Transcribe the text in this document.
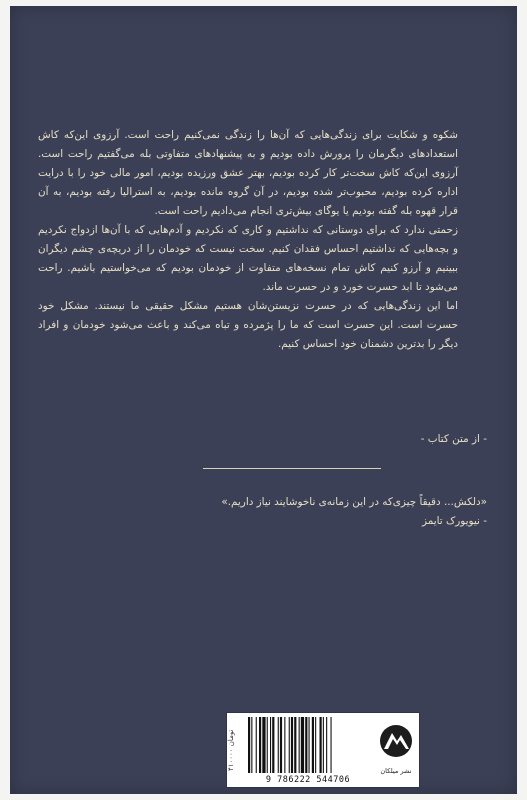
شکوه و شکایت برای زندگی‌هایی که آن‌ها را زندگی نمی‌کنیم راحت است. آرزوی این‌که کاش استعدادهای دیگرمان را پرورش داده بودیم و به پیشنهادهای متفاوتی بله می‌گفتیم راحت است. آرزوی این‌که کاش سخت‌تر کار کرده بودیم، بهتر عشق ورزیده بودیم، امور مالی خود را با درایت اداره کرده بودیم، محبوب‌تر شده بودیم، در آن گروه مانده بودیم، به استرالیا رفته بودیم، به آن قرار قهوه بله گفته بودیم یا یوگای بیش‌تری انجام می‌دادیم راحت است.

زحمتی ندارد که برای دوستانی که نداشتیم و کاری که نکردیم و آدم‌هایی که با آن‌ها ازدواج نکردیم و بچه‌هایی که نداشتیم احساس فقدان کنیم. سخت نیست که خودمان را از دریچه‌ی چشم دیگران ببینیم و آرزو کنیم کاش تمام نسخه‌های متفاوت از خودمان بودیم که می‌خواستیم باشیم. راحت می‌شود تا ابد حسرت خورد و در حسرت ماند.

اما این زندگی‌هایی که در حسرت نزیستن‌شان هستیم مشکل حقیقی ما نیستند. مشکل خود حسرت است. این حسرت است که ما را پژمرده و تباه می‌کند و باعث می‌شود خودمان و افراد دیگر را بدترین دشمنان خود احساس کنیم.

- از متن کتاب -
«دلکش... دقیقاً چیزی‌که در این زمانه‌ی ناخوشایند نیاز داریم.»
- نیویورک تایمز
۴۱۰۰۰۰ تومان
9 786222 544706
نشر میلکان
